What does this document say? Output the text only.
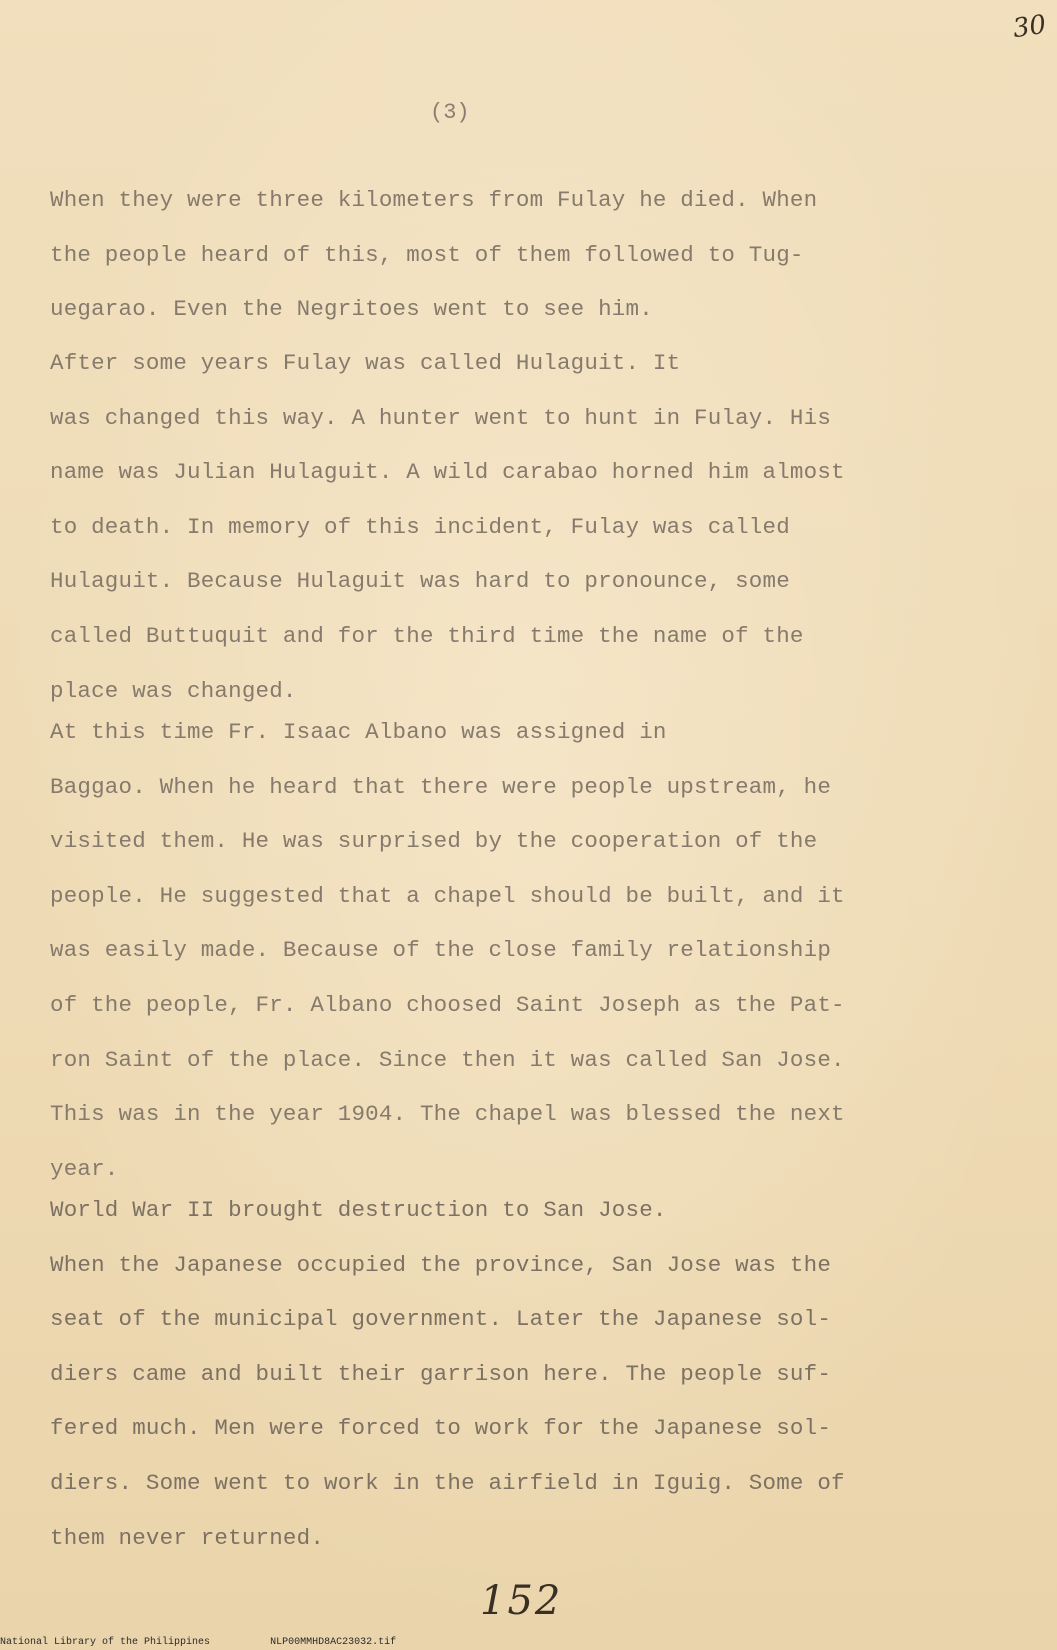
30
(3)

When they were three kilometers from Fulay he died. When
the people heard of this, most of them followed to Tug-
uegarao. Even the Negritoes went to see him.

After some years Fulay was called Hulaguit. It
was changed this way. A hunter went to hunt in Fulay. His
name was Julian Hulaguit. A wild carabao horned him almost
to death. In memory of this incident, Fulay was called
Hulaguit. Because Hulaguit was hard to pronounce, some
called Buttuquit and for the third time the name of the
place was changed.

At this time Fr. Isaac Albano was assigned in
Baggao. When he heard that there were people upstream, he
visited them. He was surprised by the cooperation of the
people. He suggested that a chapel should be built, and it
was easily made. Because of the close family relationship
of the people, Fr. Albano choosed Saint Joseph as the Pat-
ron Saint of the place. Since then it was called San Jose.
This was in the year 1904. The chapel was blessed the next
year.

World War II brought destruction to San Jose.
When the Japanese occupied the province, San Jose was the
seat of the municipal government. Later the Japanese sol-
diers came and built their garrison here. The people suf-
fered much. Men were forced to work for the Japanese sol-
diers. Some went to work in the airfield in Iguig. Some of
them never returned.

152
National Library of the Philippines	NLP00MMHD8AC23032.tif
